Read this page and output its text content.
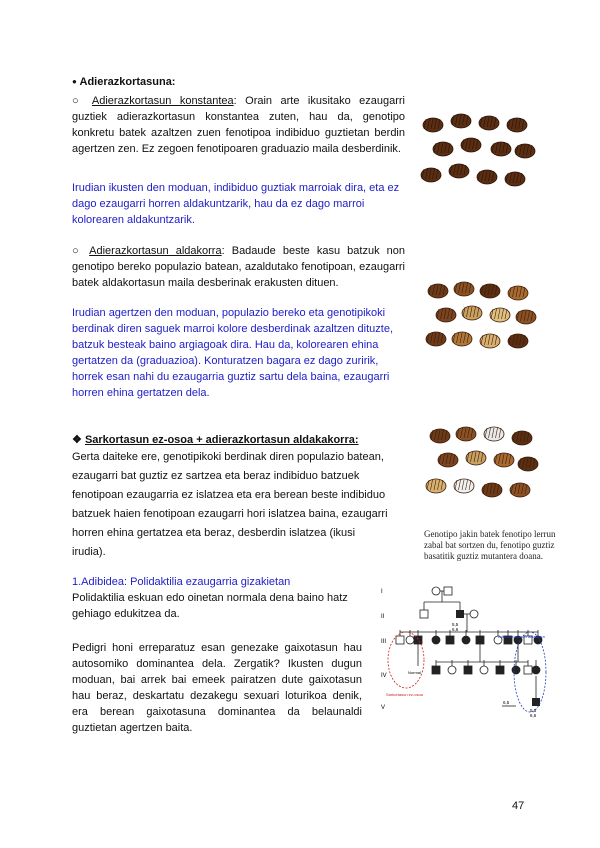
● Adierazkortasuna:
○ Adierazkortasun konstantea: Orain arte ikusitako ezaugarri guztiek adierazkortasun konstantea zuten, hau da, genotipo konkretu batek azaltzen zuen fenotipoa indibiduo guztietan berdin agertzen zen. Ez zegoen fenotipoaren graduazio maila desberdinik.
Irudian ikusten den moduan, indibiduo guztiak marroiak dira, eta ez dago ezaugarri horren aldakuntzarik, hau da ez dago marroi kolorearen aldakuntzarik.
○ Adierazkortasun aldakorra: Badaude beste kasu batzuk non genotipo bereko populazio batean, azaldutako fenotipoan, ezaugarri batek aldakortasun maila desberinak erakusten dituen.
Irudian agertzen den moduan, populazio bereko eta genotipikoki berdinak diren saguek marroi kolore desberdinak azaltzen dituzte, batzuk besteak baino argiagoak dira. Hau da, kolorearen ehina gertatzen da (graduazioa). Konturatzen bagara ez dago zuririk, horrek esan nahi du ezaugarria guztiz sartu dela baina, ezaugarri horren ehina gertatzen dela.
❖ Sarkortasun ez-osoa + adierazkortasun aldakakorra:
Gerta daiteke ere, genotipikoki berdinak diren populazio batean, ezaugarri bat guztiz ez sartzea eta beraz indibiduo batzuek fenotipoan ezaugarria ez islatzea eta era berean beste indibiduo batzuek haien fenotipoan ezaugarri hori islatzea baina, ezaugarri horren ehina gertatzea eta beraz, desberdin islatzea (ikusi irudia).
Genotipo jakin batek fenotipo lerrun zabal bat sortzen du, fenotipo guztiz basatitik guztiz mutantera doana.
1.Adibidea: Polidaktilia ezaugarria gizakietan
Polidaktilia eskuan edo oinetan normala dena baino hatz gehiago edukitzea da.
Pedigri honi erreparatuz esan genezake gaixotasun hau autosomiko dominantea dela. Zergatik? Ikusten dugun moduan, bai arrek bai emeek pairatzen dute gaixotasun hau beraz, deskartatu dezakegu sexuari loturikoa denik, era berean gaixotasuna dominantea da belaunaldi guztietan agertzen baita.
I
II
III
IV
V
5,5
6,6
5,5
6,6
6,5
Sarkortasun ez-osoa
Adierazkortasun aldakorra
Normal
47
